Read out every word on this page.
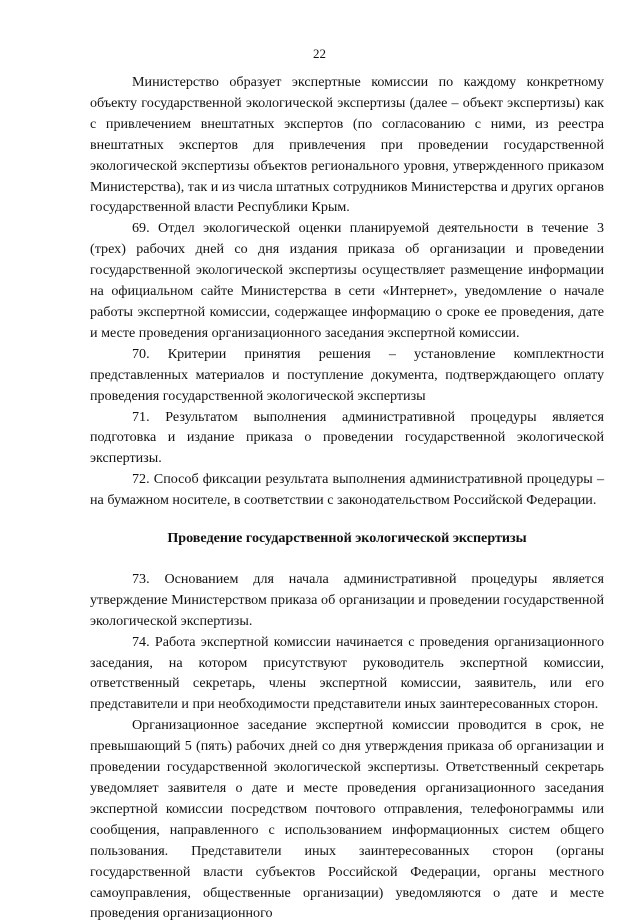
22

Министерство образует экспертные комиссии по каждому конкретному объекту государственной экологической экспертизы (далее – объект экспертизы) как с привлечением внештатных экспертов (по согласованию с ними, из реестра внештатных экспертов для привлечения при проведении государственной экологической экспертизы объектов регионального уровня, утвержденного приказом Министерства), так и из числа штатных сотрудников Министерства и других органов государственной власти Республики Крым.

69. Отдел экологической оценки планируемой деятельности в течение 3 (трех) рабочих дней со дня издания приказа об организации и проведении государственной экологической экспертизы осуществляет размещение информации на официальном сайте Министерства в сети «Интернет», уведомление о начале работы экспертной комиссии, содержащее информацию о сроке ее проведения, дате и месте проведения организационного заседания экспертной комиссии.

70. Критерии принятия решения – установление комплектности представленных материалов и поступление документа, подтверждающего оплату проведения государственной экологической экспертизы

71. Результатом выполнения административной процедуры является подготовка и издание приказа о проведении государственной экологической экспертизы.

72. Способ фиксации результата выполнения административной процедуры – на бумажном носителе, в соответствии с законодательством Российской Федерации.

Проведение государственной экологической экспертизы

73. Основанием для начала административной процедуры является утверждение Министерством приказа об организации и проведении государственной экологической экспертизы.

74. Работа экспертной комиссии начинается с проведения организационного заседания, на котором присутствуют руководитель экспертной комиссии, ответственный секретарь, члены экспертной комиссии, заявитель, или его представители и при необходимости представители иных заинтересованных сторон.

Организационное заседание экспертной комиссии проводится в срок, не превышающий 5 (пять) рабочих дней со дня утверждения приказа об организации и проведении государственной экологической экспертизы. Ответственный секретарь уведомляет заявителя о дате и месте проведения организационного заседания экспертной комиссии посредством почтового отправления, телефонограммы или сообщения, направленного с использованием информационных систем общего пользования. Представители иных заинтересованных сторон (органы государственной власти субъектов Российской Федерации, органы местного самоуправления, общественные организации) уведомляются о дате и месте проведения организационного
